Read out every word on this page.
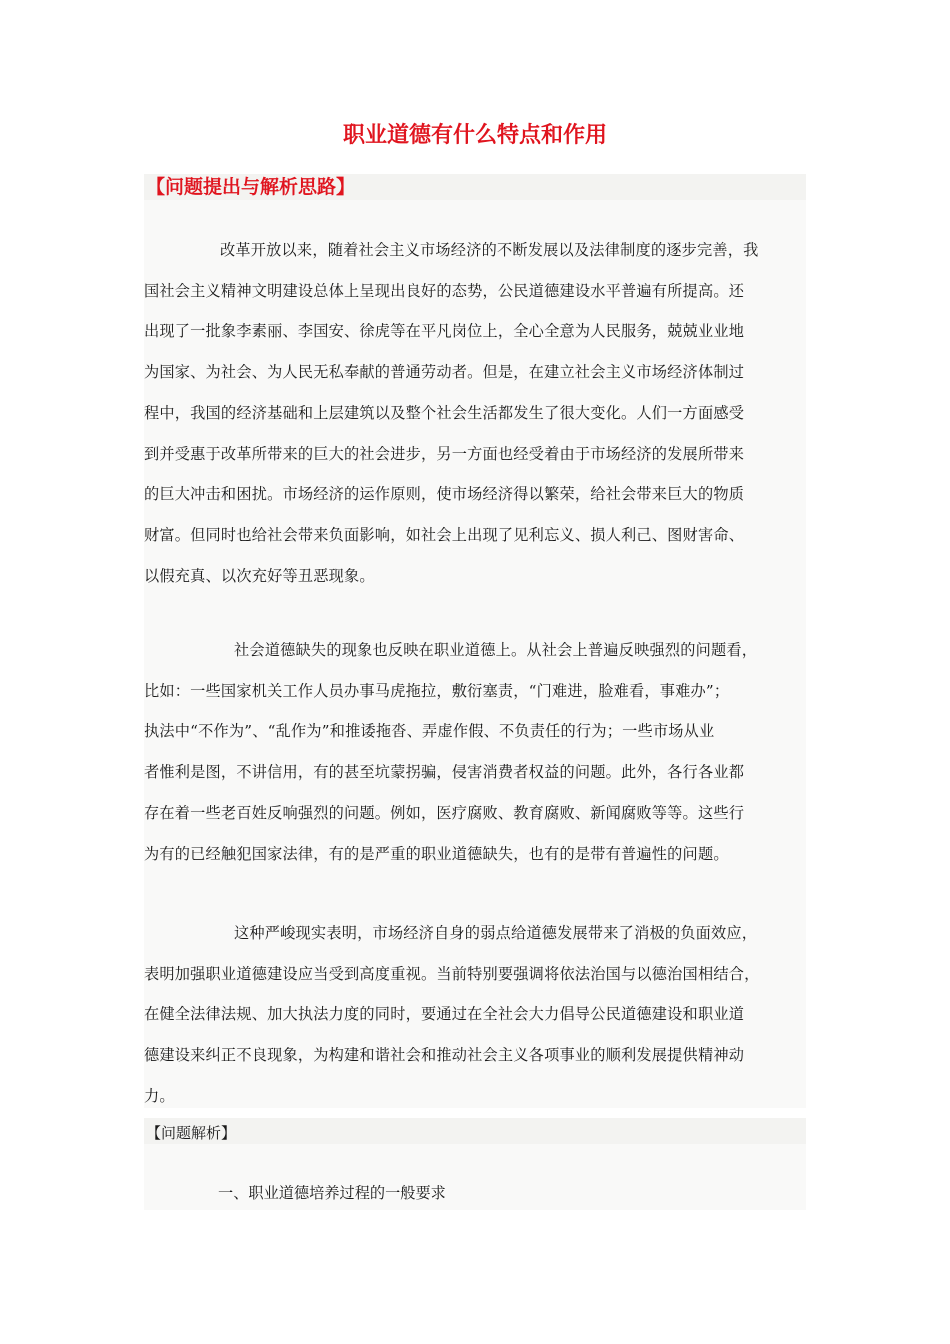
职业道德有什么特点和作用
【问题提出与解析思路】
改革开放以来，随着社会主义市场经济的不断发展以及法律制度的逐步完善，我
国社会主义精神文明建设总体上呈现出良好的态势，公民道德建设水平普遍有所提高。还
出现了一批象李素丽、李国安、徐虎等在平凡岗位上，全心全意为人民服务，兢兢业业地
为国家、为社会、为人民无私奉献的普通劳动者。但是，在建立社会主义市场经济体制过
程中，我国的经济基础和上层建筑以及整个社会生活都发生了很大变化。人们一方面感受
到并受惠于改革所带来的巨大的社会进步，另一方面也经受着由于市场经济的发展所带来
的巨大冲击和困扰。市场经济的运作原则，使市场经济得以繁荣，给社会带来巨大的物质
财富。但同时也给社会带来负面影响，如社会上出现了见利忘义、损人利己、图财害命、
以假充真、以次充好等丑恶现象。
社会道德缺失的现象也反映在职业道德上。从社会上普遍反映强烈的问题看，
比如：一些国家机关工作人员办事马虎拖拉，敷衍塞责，“门难进，脸难看，事难办”；
执法中“不作为”、“乱作为”和推诿拖沓、弄虚作假、不负责任的行为；一些市场从业
者惟利是图，不讲信用，有的甚至坑蒙拐骗，侵害消费者权益的问题。此外，各行各业都
存在着一些老百姓反响强烈的问题。例如，医疗腐败、教育腐败、新闻腐败等等。这些行
为有的已经触犯国家法律，有的是严重的职业道德缺失，也有的是带有普遍性的问题。
这种严峻现实表明，市场经济自身的弱点给道德发展带来了消极的负面效应，
表明加强职业道德建设应当受到高度重视。当前特别要强调将依法治国与以德治国相结合，
在健全法律法规、加大执法力度的同时，要通过在全社会大力倡导公民道德建设和职业道
德建设来纠正不良现象，为构建和谐社会和推动社会主义各项事业的顺利发展提供精神动
力。
【问题解析】
一、职业道德培养过程的一般要求
